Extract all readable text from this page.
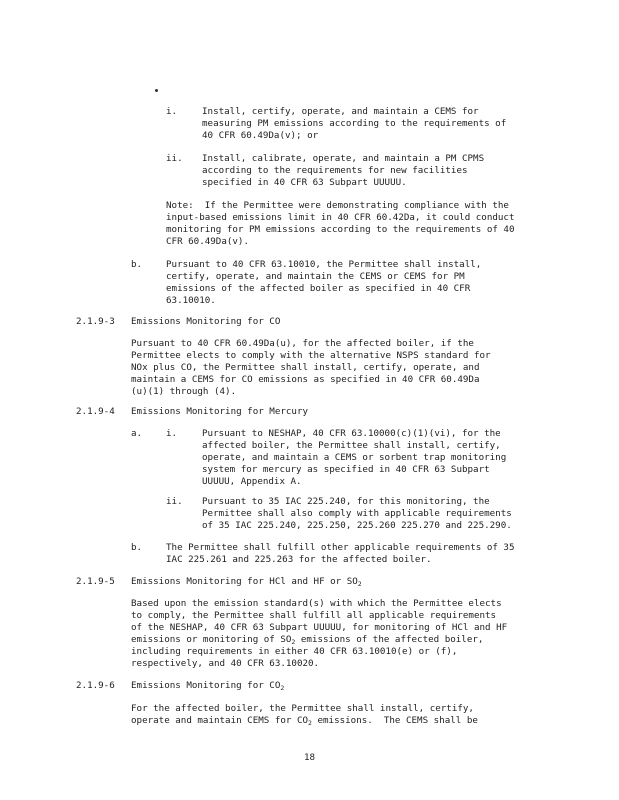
i.	Install, certify, operate, and maintain a CEMS for

measuring PM emissions according to the requirements of

40 CFR 60.49Da(v); or

ii. Install, calibrate, operate, and maintain a PM CPMS

according to the requirements for new facilities

specified in 40 CFR 63 Subpart UUUUU.

Note:  If the Permittee were demonstrating compliance with the

input-based emissions limit in 40 CFR 60.42Da, it could conduct

monitoring for PM emissions according to the requirements of 40

CFR 60.49Da(v).

b.	Pursuant to 40 CFR 63.10010, the Permittee shall install,

certify, operate, and maintain the CEMS or CEMS for PM

emissions of the affected boiler as specified in 40 CFR

63.10010.

2.1.9-3 Emissions Monitoring for CO

Pursuant to 40 CFR 60.49Da(u), for the affected boiler, if the

Permittee elects to comply with the alternative NSPS standard for

NOx plus CO, the Permittee shall install, certify, operate, and

maintain a CEMS for CO emissions as specified in 40 CFR 60.49Da

(u)(1) through (4).

2.1.9-4 Emissions Monitoring for Mercury

a.	i.	Pursuant to NESHAP, 40 CFR 63.10000(c)(1)(vi), for the

affected boiler, the Permittee shall install, certify,

operate, and maintain a CEMS or sorbent trap monitoring

system for mercury as specified in 40 CFR 63 Subpart

UUUUU, Appendix A.

ii. Pursuant to 35 IAC 225.240, for this monitoring, the

Permittee shall also comply with applicable requirements

of 35 IAC 225.240, 225.250, 225.260 225.270 and 225.290.

b.	The Permittee shall fulfill other applicable requirements of 35

IAC 225.261 and 225.263 for the affected boiler.

2.1.9-5 Emissions Monitoring for HCl and HF or $SO_2$

Based upon the emission standard(s) with which the Permittee elects

to comply, the Permittee shall fulfill all applicable requirements

of the NESHAP, 40 CFR 63 Subpart UUUUU, for monitoring of HCl and HF

emissions or monitoring of $SO_2$ emissions of the affected boiler,

including requirements in either 40 CFR 63.10010(e) or (f),

respectively, and 40 CFR 63.10020.

2.1.9-6 Emissions Monitoring for $CO_2$

For the affected boiler, the Permittee shall install, certify,

operate and maintain CEMS for $CO_2$ emissions.  The CEMS shall be

18
